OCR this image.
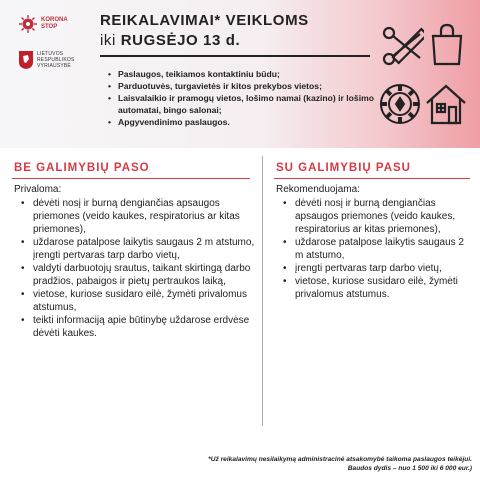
KORONA
STOP
LIETUVOS
RESPUBLIKOS
VYRIAUSYBĖ
REIKALAVIMAI* VEIKLOMS
iki RUGSĖJO 13 d.
• Paslaugos, teikiamos kontaktiniu būdu;
• Parduotuvės, turgavietės ir kitos prekybos vietos;
• Laisvalaikio ir pramogų vietos, lošimo namai (kazino) ir lošimo automatai, bingo salonai;
• Apgyvendinimo paslaugos.
BE GALIMYBIŲ PASO	SU GALIMYBIŲ PASU
Privaloma:
• dėvėti nosį ir burną dengiančias apsaugos priemones (veido kaukes, respiratorius ar kitas priemones),
• uždarose patalpose laikytis saugaus 2 m atstumo, įrengti pertvaras tarp darbo vietų,
• valdyti darbuotojų srautus, taikant skirtingą darbo pradžios, pabaigos ir pietų pertraukos laiką,
• vietose, kuriose susidaro eilė, žymėti privalomus atstumus,
• teikti informaciją apie būtinybę uždarose erdvėse dėvėti kaukes.
Rekomenduojama:
• dėvėti nosį ir burną dengiančias apsaugos priemones (veido kaukes, respiratorius ar kitas priemones),
• uždarose patalpose laikytis saugaus 2 m atstumo,
• įrengti pertvaras tarp darbo vietų,
• vietose, kuriose susidaro eilė, žymėti privalomus atstumus.
*Už reikalavimų nesilaikymą administracinė atsakomybė taikoma paslaugos teikėjui.
Baudos dydis – nuo 1 500 iki 6 000 eur.)
